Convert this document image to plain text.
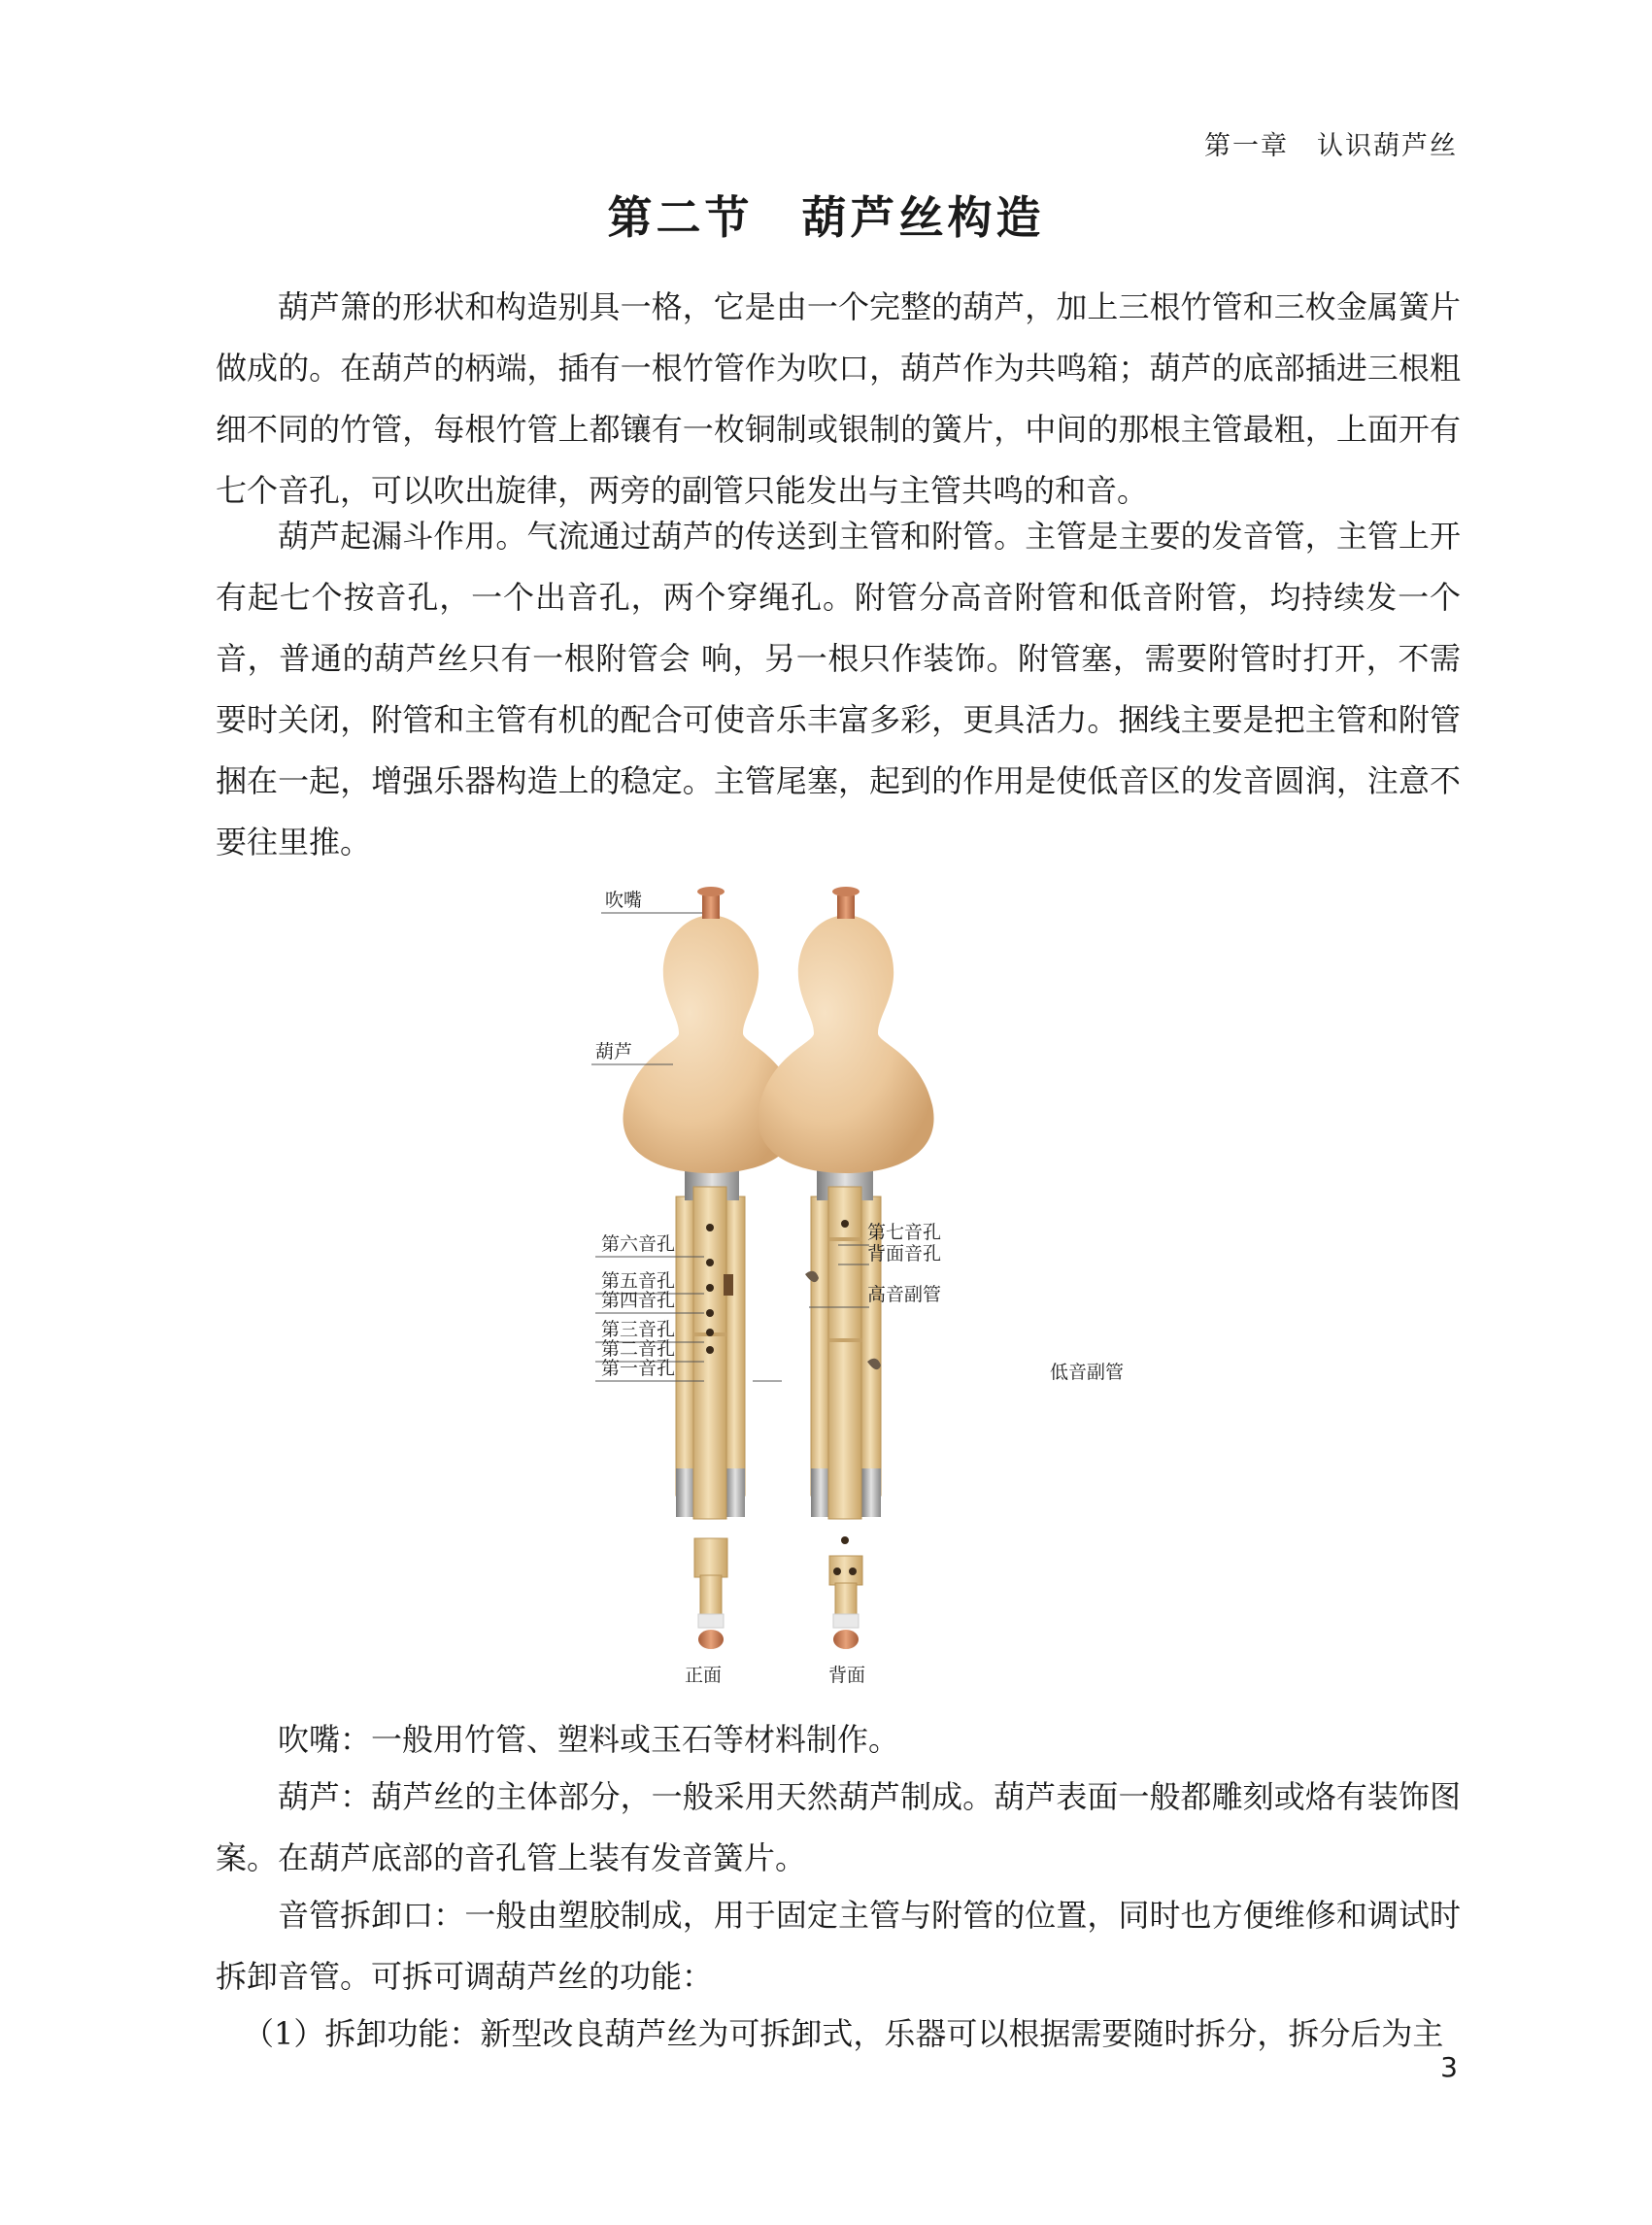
第一章　认识葫芦丝
第二节　葫芦丝构造

葫芦箫的形状和构造别具一格，它是由一个完整的葫芦，加上三根竹管和三枚金属簧片做成的。在葫芦的柄端，插有一根竹管作为吹口，葫芦作为共鸣箱；葫芦的底部插进三根粗细不同的竹管，每根竹管上都镶有一枚铜制或银制的簧片，中间的那根主管最粗，上面开有七个音孔，可以吹出旋律，两旁的副管只能发出与主管共鸣的和音。

葫芦起漏斗作用。气流通过葫芦的传送到主管和附管。主管是主要的发音管，主管上开有起七个按音孔，一个出音孔，两个穿绳孔。附管分高音附管和低音附管，均持续发一个音，普通的葫芦丝只有一根附管会 响，另一根只作装饰。附管塞，需要附管时打开，不需要时关闭，附管和主管有机的配合可使音乐丰富多彩，更具活力。捆线主要是把主管和附管捆在一起，增强乐器构造上的稳定。主管尾塞，起到的作用是使低音区的发音圆润，注意不要往里推。

吹嘴
葫芦
第六音孔
第五音孔
第四音孔
第三音孔
第二音孔
第一音孔
正面
第七音孔
背面音孔
高音副管
低音副管
背面

吹嘴：一般用竹管、塑料或玉石等材料制作。

葫芦：葫芦丝的主体部分，一般采用天然葫芦制成。葫芦表面一般都雕刻或烙有装饰图案。在葫芦底部的音孔管上装有发音簧片。

音管拆卸口：一般由塑胶制成，用于固定主管与附管的位置，同时也方便维修和调试时拆卸音管。可拆可调葫芦丝的功能：

（1）拆卸功能：新型改良葫芦丝为可拆卸式，乐器可以根据需要随时拆分，拆分后为主

3
